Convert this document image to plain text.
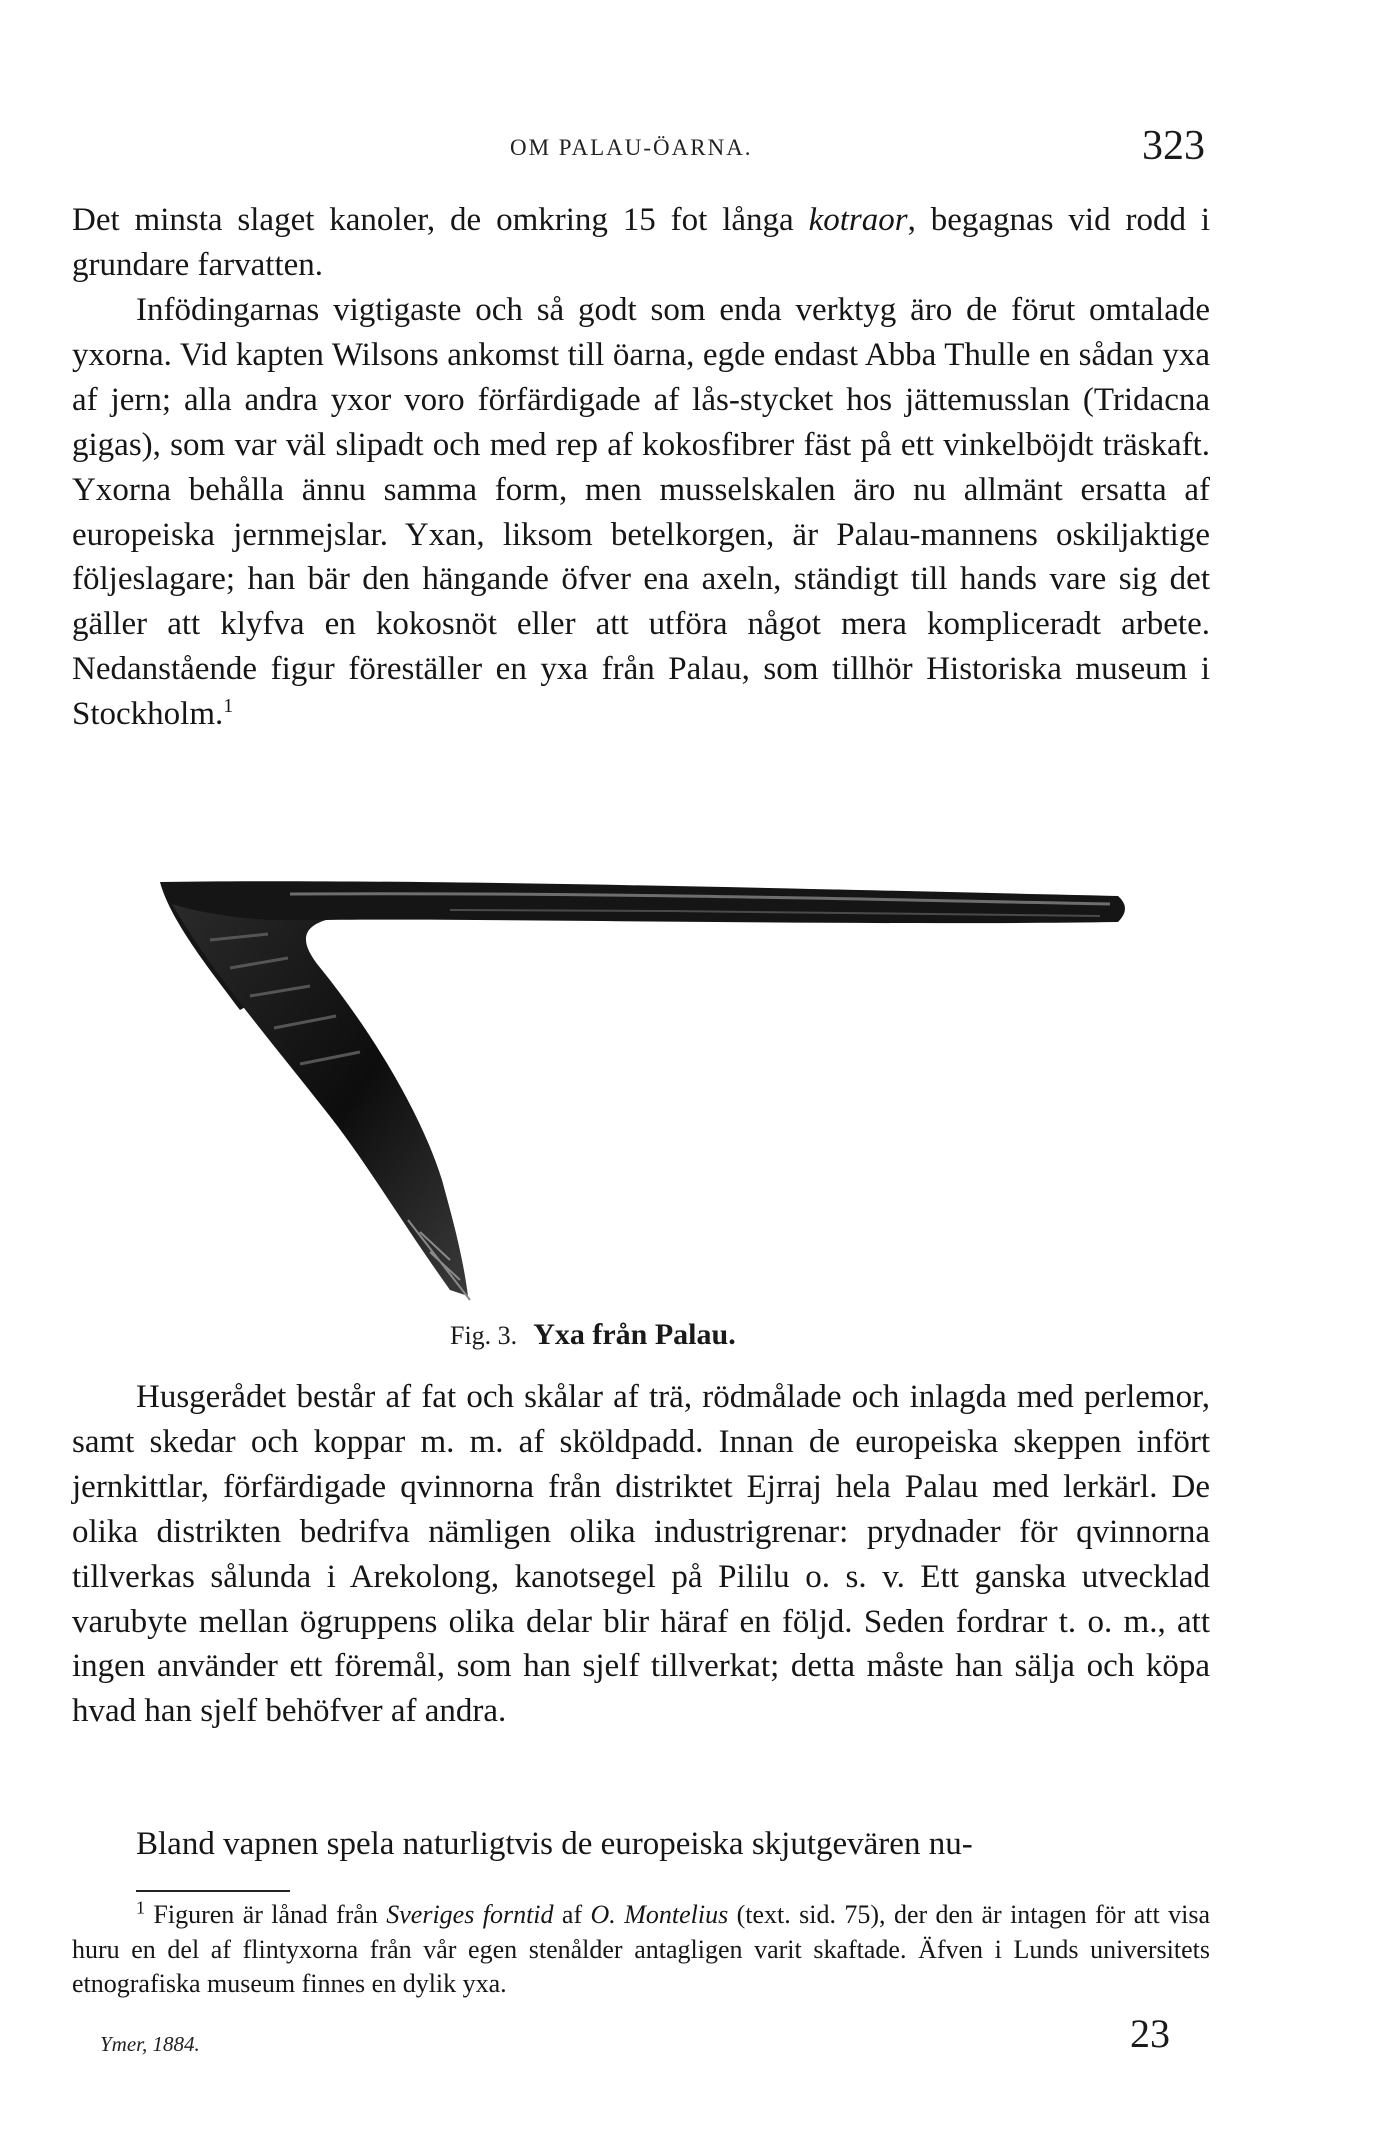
OM PALAU-ÖARNA.	323

Det minsta slaget kanoler, de omkring 15 fot långa kotraor, begagnas vid rodd i grundare farvatten.

Infödingarnas vigtigaste och så godt som enda verktyg äro de förut omtalade yxorna. Vid kapten Wilsons ankomst till öarna, egde endast Abba Thulle en sådan yxa af jern; alla andra yxor voro förfärdigade af lås-stycket hos jättemusslan (Tridacna gigas), som var väl slipadt och med rep af kokosfibrer fäst på ett vinkelböjdt träskaft. Yxorna behålla ännu samma form, men musselskalen äro nu allmänt ersatta af europeiska jernmejslar. Yxan, liksom betelkorgen, är Palau-mannens oskiljaktige följeslagare; han bär den hängande öfver ena axeln, ständigt till hands vare sig det gäller att klyfva en kokosnöt eller att utföra något mera kompliceradt arbete. Nedanstående figur föreställer en yxa från Palau, som tillhör Historiska museum i Stockholm.$^1$

Fig. 3. Yxa från Palau.

Husgerådet består af fat och skålar af trä, rödmålade och inlagda med perlemor, samt skedar och koppar m. m. af sköldpadd. Innan de europeiska skeppen infört jernkittlar, förfärdigade qvinnorna från distriktet Ejrraj hela Palau med lerkärl. De olika distrikten bedrifva nämligen olika industrigrenar: prydnader för qvinnorna tillverkas sålunda i Arekolong, kanotsegel på Pililu o. s. v. Ett ganska utvecklad varubyte mellan ögruppens olika delar blir häraf en följd. Seden fordrar t. o. m., att ingen använder ett föremål, som han sjelf tillverkat; detta måste han sälja och köpa hvad han sjelf behöfver af andra.

Bland vapnen spela naturligtvis de europeiska skjutgevären nu-

$^1$ Figuren är lånad från Sveriges forntid af O. Montelius (text. sid. 75), der den är intagen för att visa huru en del af flintyxorna från vår egen stenålder antagligen varit skaftade. Äfven i Lunds universitets etnografiska museum finnes en dylik yxa.

Ymer, 1884.	23
